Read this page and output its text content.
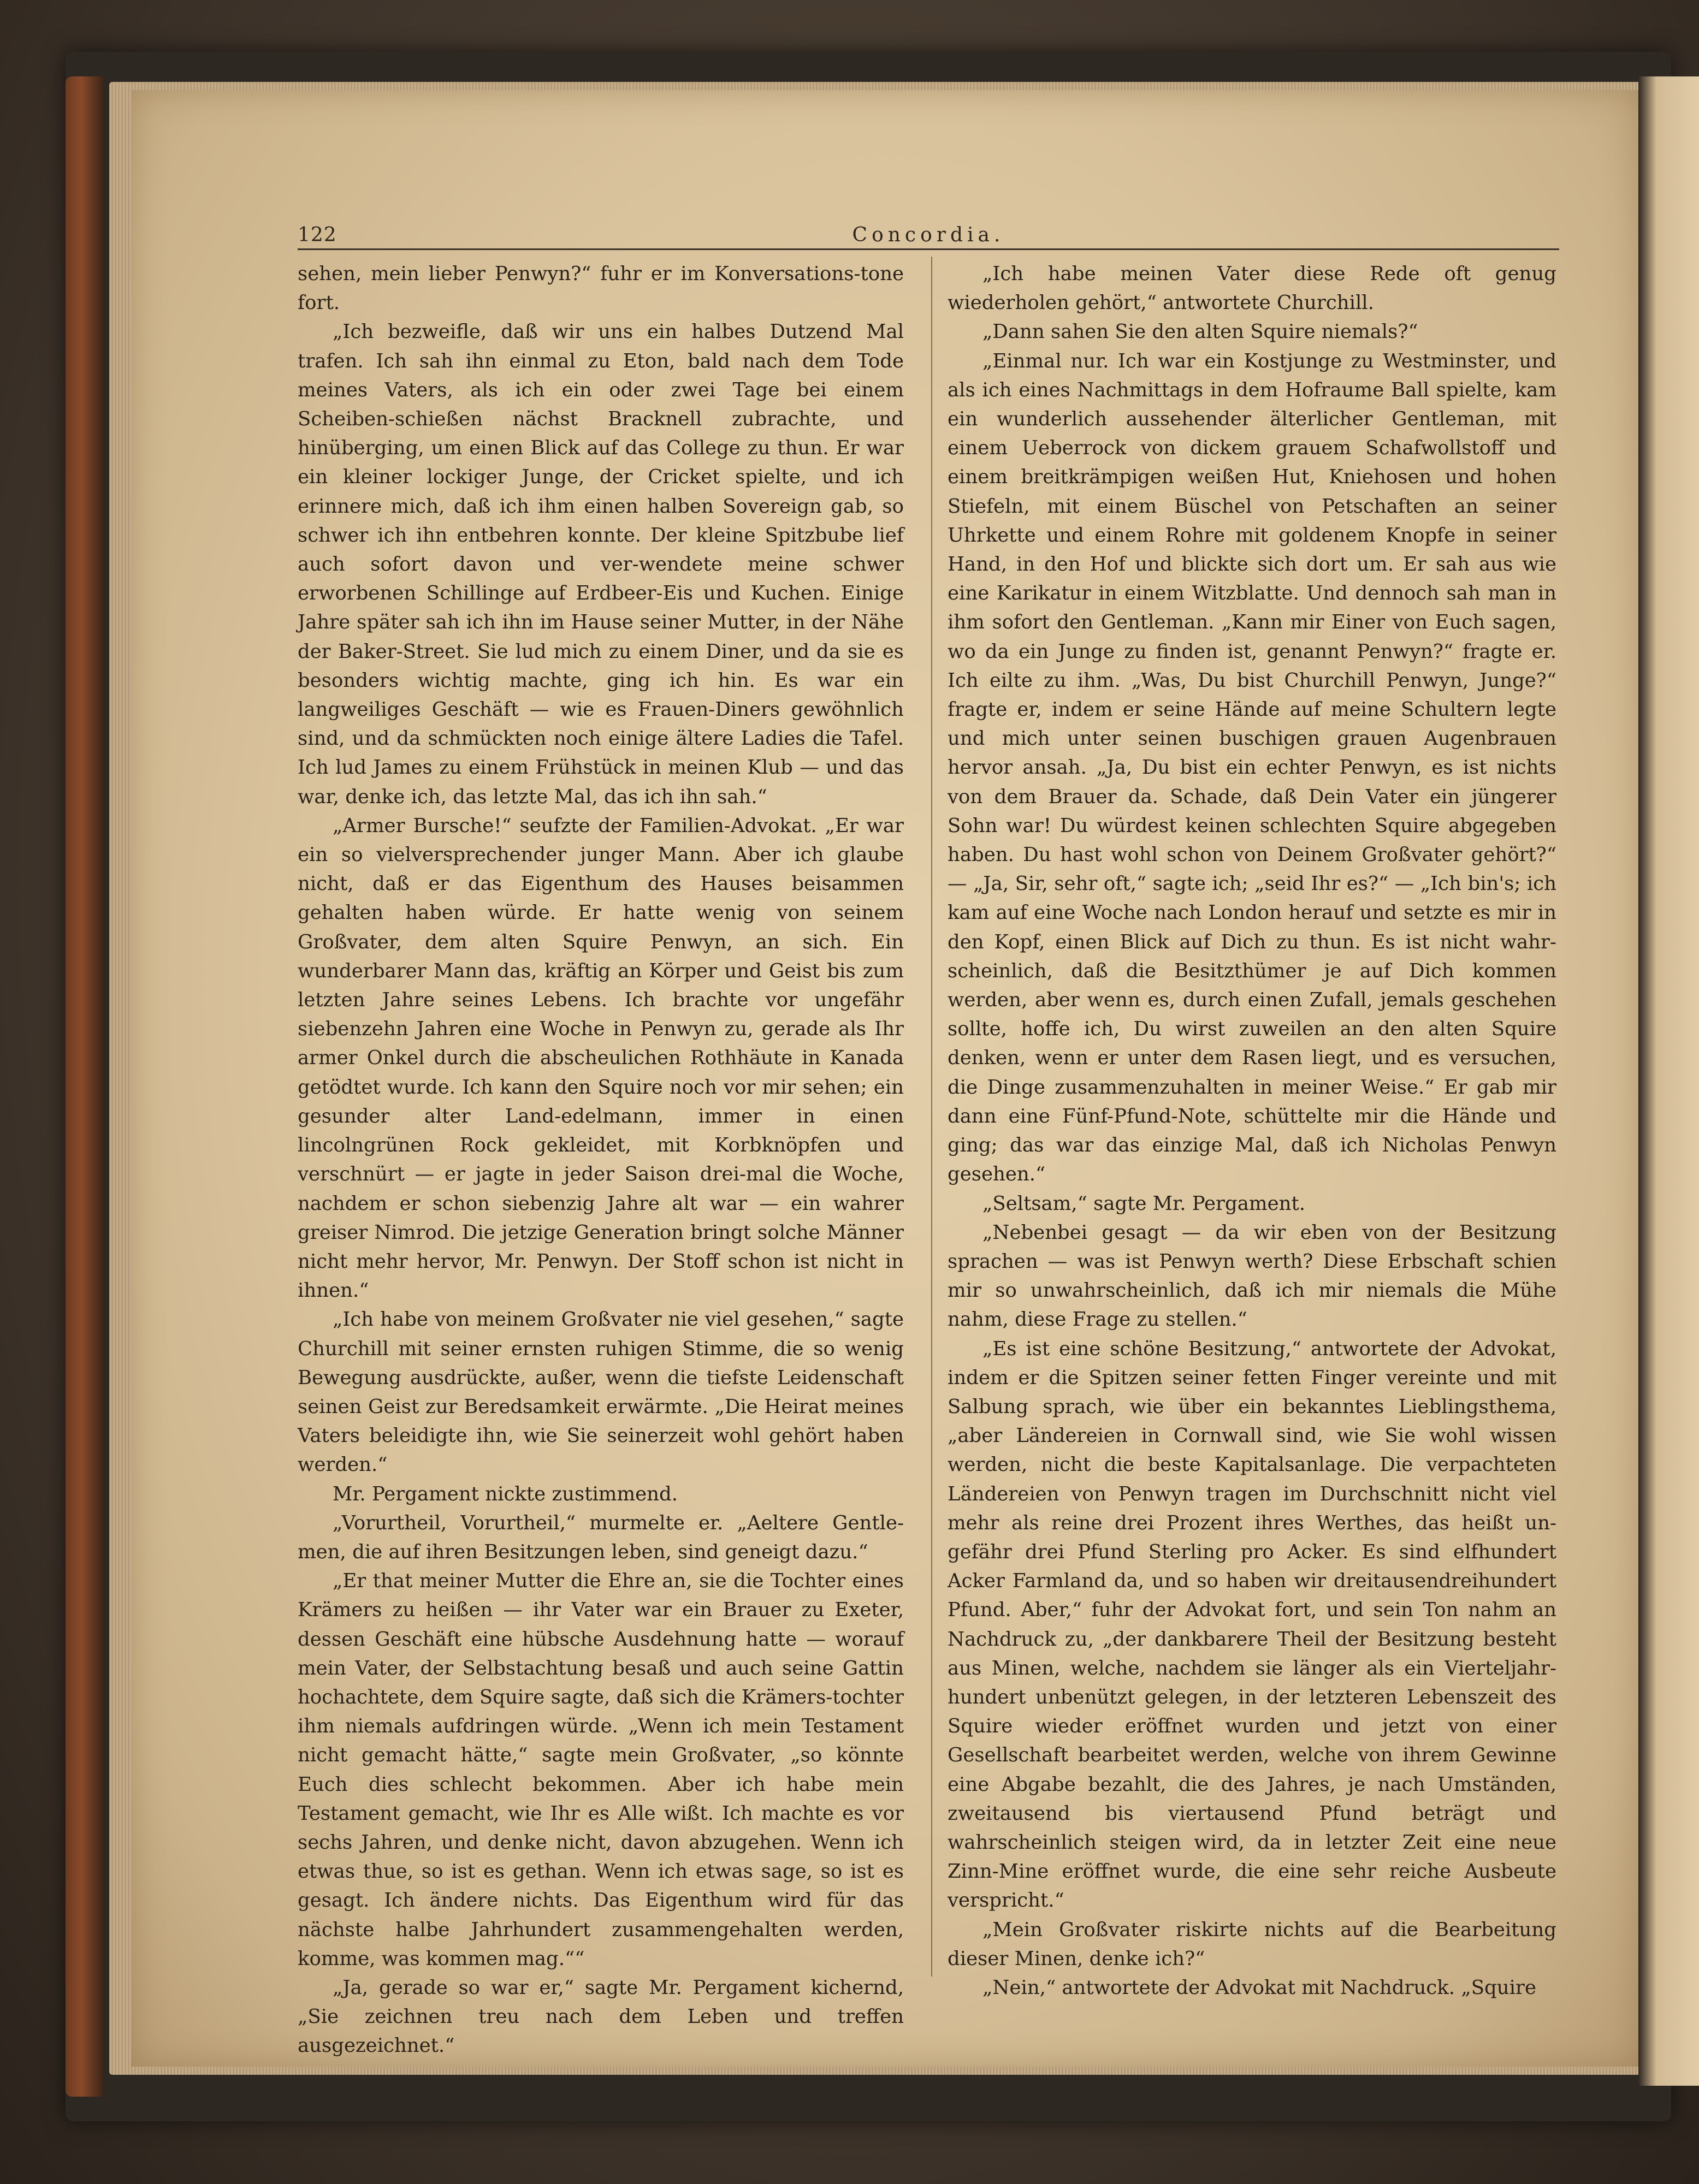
122	Concordia.

sehen, mein lieber Penwyn?“ fuhr er im Konversations-tone fort.

„Ich bezweifle, daß wir uns ein halbes Dutzend Mal trafen. Ich sah ihn einmal zu Eton, bald nach dem Tode meines Vaters, als ich ein oder zwei Tage bei einem Scheiben-schießen nächst Bracknell zubrachte, und hinüberging, um einen Blick auf das College zu thun. Er war ein kleiner lockiger Junge, der Cricket spielte, und ich erinnere mich, daß ich ihm einen halben Sovereign gab, so schwer ich ihn entbehren konnte. Der kleine Spitzbube lief auch sofort davon und ver-wendete meine schwer erworbenen Schillinge auf Erdbeer-Eis und Kuchen. Einige Jahre später sah ich ihn im Hause seiner Mutter, in der Nähe der Baker-Street. Sie lud mich zu einem Diner, und da sie es besonders wichtig machte, ging ich hin. Es war ein langweiliges Geschäft — wie es Frauen-Diners gewöhnlich sind, und da schmückten noch einige ältere Ladies die Tafel. Ich lud James zu einem Frühstück in meinen Klub — und das war, denke ich, das letzte Mal, das ich ihn sah.“

„Armer Bursche!“ seufzte der Familien-Advokat. „Er war ein so vielversprechender junger Mann. Aber ich glaube nicht, daß er das Eigenthum des Hauses beisammen gehalten haben würde. Er hatte wenig von seinem Großvater, dem alten Squire Penwyn, an sich. Ein wunderbarer Mann das, kräftig an Körper und Geist bis zum letzten Jahre seines Lebens. Ich brachte vor ungefähr siebenzehn Jahren eine Woche in Penwyn zu, gerade als Ihr armer Onkel durch die abscheulichen Rothhäute in Kanada getödtet wurde. Ich kann den Squire noch vor mir sehen; ein gesunder alter Land-edelmann, immer in einen lincolngrünen Rock gekleidet, mit Korbknöpfen und verschnürt — er jagte in jeder Saison drei-mal die Woche, nachdem er schon siebenzig Jahre alt war — ein wahrer greiser Nimrod. Die jetzige Generation bringt solche Männer nicht mehr hervor, Mr. Penwyn. Der Stoff schon ist nicht in ihnen.“

„Ich habe von meinem Großvater nie viel gesehen,“ sagte Churchill mit seiner ernsten ruhigen Stimme, die so wenig Bewegung ausdrückte, außer, wenn die tiefste Leidenschaft seinen Geist zur Beredsamkeit erwärmte. „Die Heirat meines Vaters beleidigte ihn, wie Sie seinerzeit wohl gehört haben werden.“

Mr. Pergament nickte zustimmend.

„Vorurtheil, Vorurtheil,“ murmelte er. „Aeltere Gentle-men, die auf ihren Besitzungen leben, sind geneigt dazu.“

„Er that meiner Mutter die Ehre an, sie die Tochter eines Krämers zu heißen — ihr Vater war ein Brauer zu Exeter, dessen Geschäft eine hübsche Ausdehnung hatte — worauf mein Vater, der Selbstachtung besaß und auch seine Gattin hochachtete, dem Squire sagte, daß sich die Krämers-tochter ihm niemals aufdringen würde. „Wenn ich mein Testament nicht gemacht hätte,“ sagte mein Großvater, „so könnte Euch dies schlecht bekommen. Aber ich habe mein Testament gemacht, wie Ihr es Alle wißt. Ich machte es vor sechs Jahren, und denke nicht, davon abzugehen. Wenn ich etwas thue, so ist es gethan. Wenn ich etwas sage, so ist es gesagt. Ich ändere nichts. Das Eigenthum wird für das nächste halbe Jahrhundert zusammengehalten werden, komme, was kommen mag.““

„Ja, gerade so war er,“ sagte Mr. Pergament kichernd, „Sie zeichnen treu nach dem Leben und treffen ausgezeichnet.“

„Ich habe meinen Vater diese Rede oft genug wiederholen gehört,“ antwortete Churchill.

„Dann sahen Sie den alten Squire niemals?“

„Einmal nur. Ich war ein Kostjunge zu Westminster, und als ich eines Nachmittags in dem Hofraume Ball spielte, kam ein wunderlich aussehender älterlicher Gentleman, mit einem Ueberrock von dickem grauem Schafwollstoff und einem breitkrämpigen weißen Hut, Kniehosen und hohen Stiefeln, mit einem Büschel von Petschaften an seiner Uhrkette und einem Rohre mit goldenem Knopfe in seiner Hand, in den Hof und blickte sich dort um. Er sah aus wie eine Karikatur in einem Witzblatte. Und dennoch sah man in ihm sofort den Gentleman. „Kann mir Einer von Euch sagen, wo da ein Junge zu finden ist, genannt Penwyn?“ fragte er. Ich eilte zu ihm. „Was, Du bist Churchill Penwyn, Junge?“ fragte er, indem er seine Hände auf meine Schultern legte und mich unter seinen buschigen grauen Augenbrauen hervor ansah. „Ja, Du bist ein echter Penwyn, es ist nichts von dem Brauer da. Schade, daß Dein Vater ein jüngerer Sohn war! Du würdest keinen schlechten Squire abgegeben haben. Du hast wohl schon von Deinem Großvater gehört?“ — „Ja, Sir, sehr oft,“ sagte ich; „seid Ihr es?“ — „Ich bin's; ich kam auf eine Woche nach London herauf und setzte es mir in den Kopf, einen Blick auf Dich zu thun. Es ist nicht wahr-scheinlich, daß die Besitzthümer je auf Dich kommen werden, aber wenn es, durch einen Zufall, jemals geschehen sollte, hoffe ich, Du wirst zuweilen an den alten Squire denken, wenn er unter dem Rasen liegt, und es versuchen, die Dinge zusammenzuhalten in meiner Weise.“ Er gab mir dann eine Fünf-Pfund-Note, schüttelte mir die Hände und ging; das war das einzige Mal, daß ich Nicholas Penwyn gesehen.“

„Seltsam,“ sagte Mr. Pergament.

„Nebenbei gesagt — da wir eben von der Besitzung sprachen — was ist Penwyn werth? Diese Erbschaft schien mir so unwahrscheinlich, daß ich mir niemals die Mühe nahm, diese Frage zu stellen.“

„Es ist eine schöne Besitzung,“ antwortete der Advokat, indem er die Spitzen seiner fetten Finger vereinte und mit Salbung sprach, wie über ein bekanntes Lieblingsthema, „aber Ländereien in Cornwall sind, wie Sie wohl wissen werden, nicht die beste Kapitalsanlage. Die verpachteten Ländereien von Penwyn tragen im Durchschnitt nicht viel mehr als reine drei Prozent ihres Werthes, das heißt un-gefähr drei Pfund Sterling pro Acker. Es sind elfhundert Acker Farmland da, und so haben wir dreitausendreihundert Pfund. Aber,“ fuhr der Advokat fort, und sein Ton nahm an Nachdruck zu, „der dankbarere Theil der Besitzung besteht aus Minen, welche, nachdem sie länger als ein Vierteljahr-hundert unbenützt gelegen, in der letzteren Lebenszeit des Squire wieder eröffnet wurden und jetzt von einer Gesellschaft bearbeitet werden, welche von ihrem Gewinne eine Abgabe bezahlt, die des Jahres, je nach Umständen, zweitausend bis viertausend Pfund beträgt und wahrscheinlich steigen wird, da in letzter Zeit eine neue Zinn-Mine eröffnet wurde, die eine sehr reiche Ausbeute verspricht.“

„Mein Großvater riskirte nichts auf die Bearbeitung dieser Minen, denke ich?“

„Nein,“ antwortete der Advokat mit Nachdruck. „Squire
